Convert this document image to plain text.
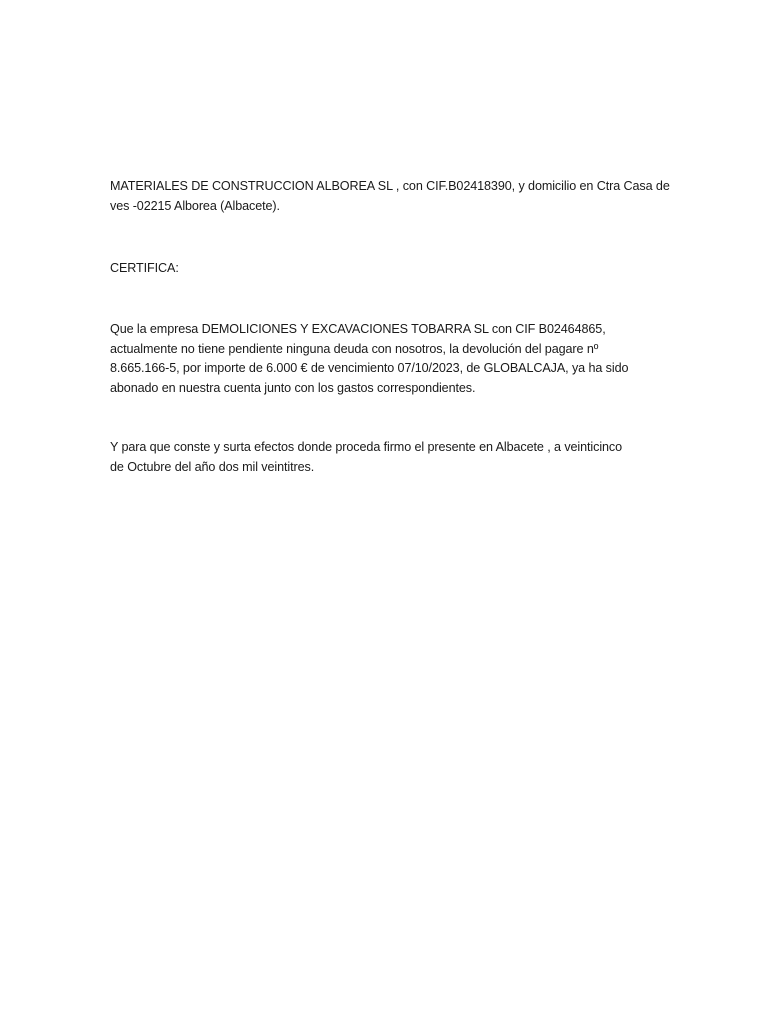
MATERIALES DE CONSTRUCCION ALBOREA SL , con CIF.B02418390, y domicilio en Ctra Casa de
ves -02215 Alborea (Albacete).

CERTIFICA:

Que la empresa DEMOLICIONES Y EXCAVACIONES TOBARRA SL con CIF B02464865,
actualmente no tiene pendiente ninguna deuda con nosotros, la devolución del pagare nº
8.665.166-5, por importe de 6.000 € de vencimiento 07/10/2023, de GLOBALCAJA, ya ha sido
abonado en nuestra cuenta junto con los gastos correspondientes.

Y para que conste y surta efectos donde proceda firmo el presente en Albacete , a veinticinco
de Octubre del año dos mil veintitres.
